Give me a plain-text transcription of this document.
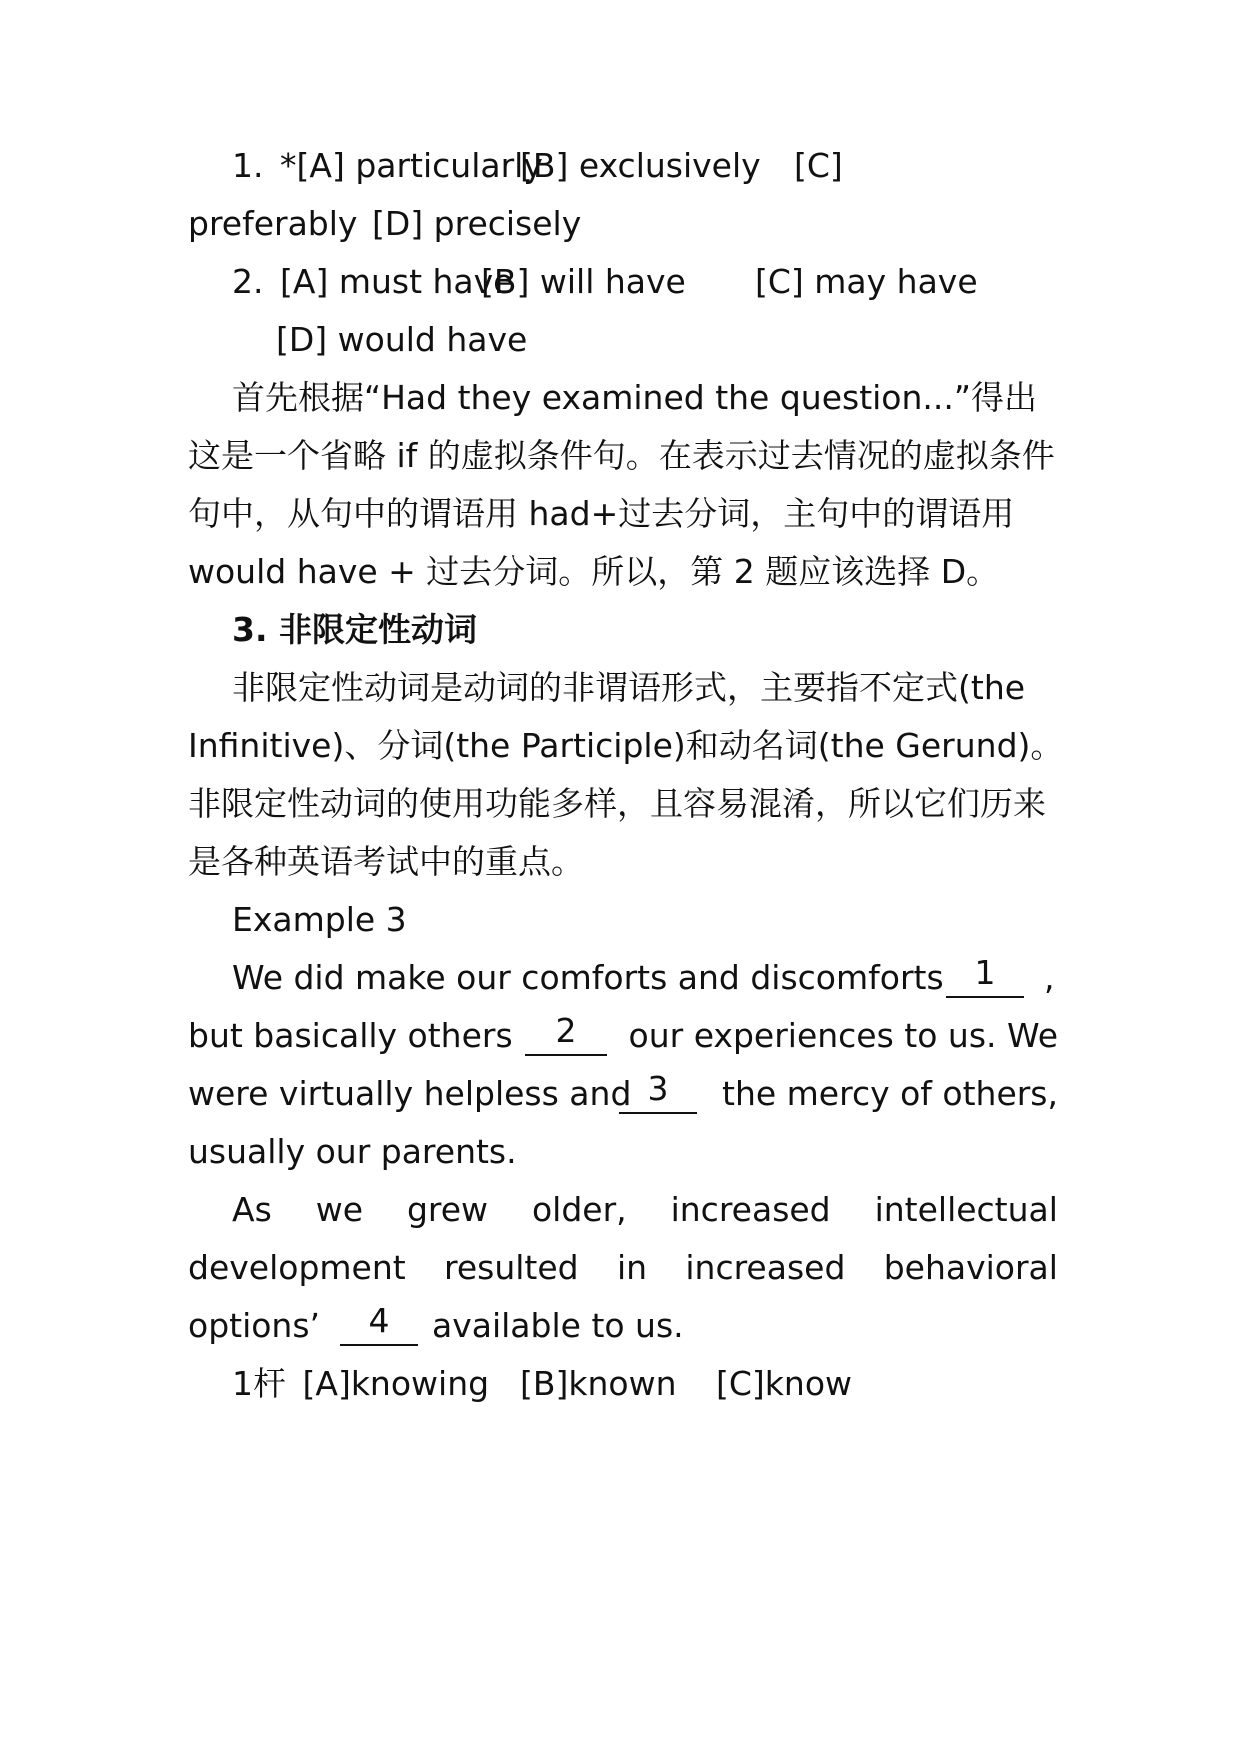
1. *[A] particularly
[B] exclusively [C]
preferably [D] precisely
2. [A] must have
[B] will have [C] may have
[D] would have
首先根据“Had they examined the question...”得出
这是一个省略 if 的虚拟条件句。在表示过去情况的虚拟条件
句中，从句中的谓语用 had+过去分词，主句中的谓语用
would have + 过去分词。所以，第 2 题应该选择 D。
3. 非限定性动词
非限定性动词是动词的非谓语形式，主要指不定式(the
Infinitive)、分词(the Participle)和动名词(the Gerund)。
非限定性动词的使用功能多样，且容易混淆，所以它们历来
是各种英语考试中的重点。
Example 3
We did make our comforts and discomforts 1	,
but basically others	2	our experiences to us. We
were virtually helpless and 3	the mercy of others,
usually our parents.
As we grew older, increased intellectual
development resulted in increased behavioral
options’	4	available to us.
1杆 [A]knowing [B]known [C]know
